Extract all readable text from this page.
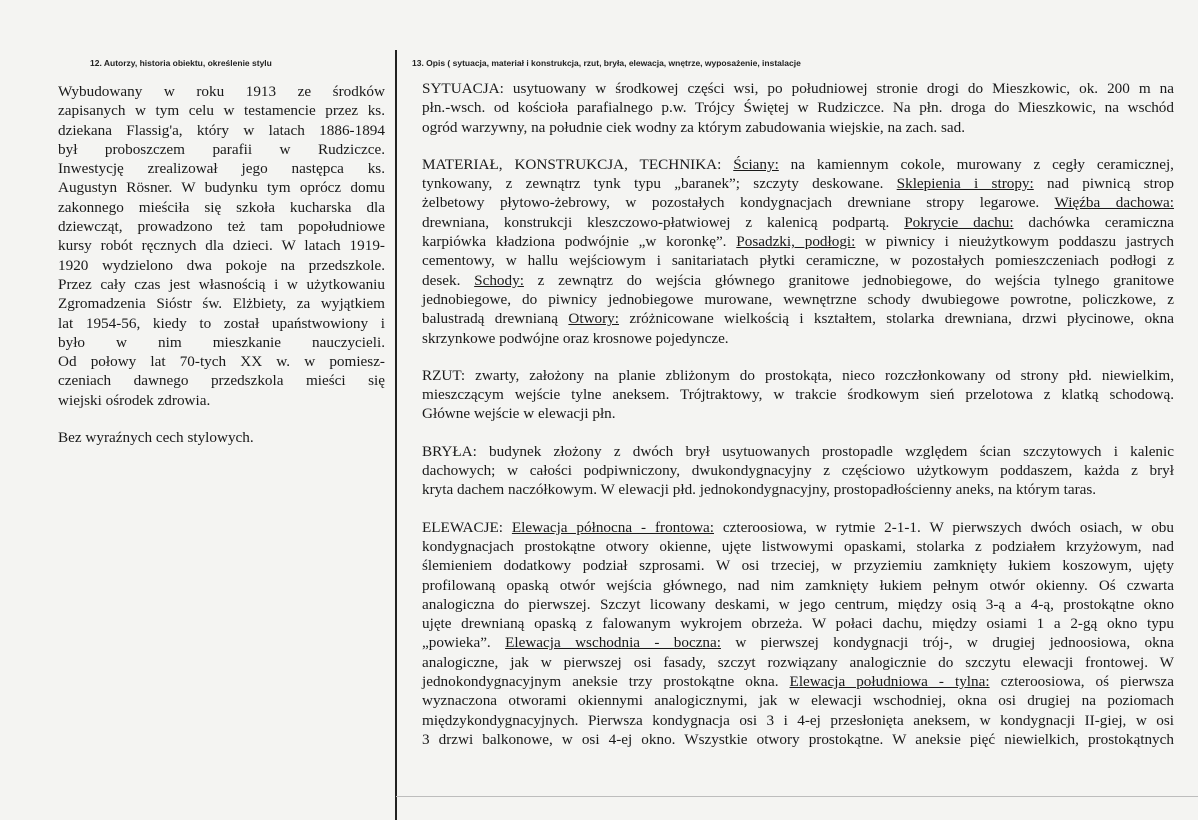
12. Autorzy, historia obiektu, określenie stylu	13. Opis ( sytuacja, materiał i konstrukcja, rzut, bryła, elewacja, wnętrze, wyposażenie, instalacje
Wybudowany w roku 1913 ze środków
zapisanych w tym celu w testamencie przez ks.
dziekana Flassig'a, który w latach 1886-1894
był proboszczem parafii w Rudziczce.
Inwestycję zrealizował jego następca ks.
Augustyn Rösner. W budynku tym oprócz domu
zakonnego mieściła się szkoła kucharska dla
dziewcząt, prowadzono też tam popołudniowe
kursy robót ręcznych dla dzieci. W latach 1919-
1920 wydzielono dwa pokoje na przedszkole.
Przez cały czas jest własnością i w użytkowaniu
Zgromadzenia Sióstr św. Elżbiety, za wyjątkiem
lat 1954-56, kiedy to został upaństwowiony i
było w nim mieszkanie nauczycieli.
Od połowy lat 70-tych XX w. w pomiesz-
czeniach dawnego przedszkola mieści się
wiejski ośrodek zdrowia.

Bez wyraźnych cech stylowych.

SYTUACJA: usytuowany w środkowej części wsi, po południowej stronie drogi do Mieszkowic, ok. 200 m na
płn.-wsch. od kościoła parafialnego p.w. Trójcy Świętej w Rudziczce. Na płn. droga do Mieszkowic, na wschód
ogród warzywny, na południe ciek wodny za którym zabudowania wiejskie, na zach. sad.
MATERIAŁ, KONSTRUKCJA, TECHNIKA: Ściany: na kamiennym cokole, murowany z cegły ceramicznej,
tynkowany, z zewnątrz tynk typu „baranek”; szczyty deskowane. Sklepienia i stropy: nad piwnicą strop
żelbetowy płytowo-żebrowy, w pozostałych kondygnacjach drewniane stropy legarowe. Więźba dachowa:
drewniana, konstrukcji kleszczowo-płatwiowej z kalenicą podpartą. Pokrycie dachu: dachówka ceramiczna
karpiówka kładziona podwójnie „w koronkę”. Posadzki, podłogi: w piwnicy i nieużytkowym poddaszu jastrych
cementowy, w hallu wejściowym i sanitariatach płytki ceramiczne, w pozostałych pomieszczeniach podłogi z
desek. Schody: z zewnątrz do wejścia głównego granitowe jednobiegowe, do wejścia tylnego granitowe
jednobiegowe, do piwnicy jednobiegowe murowane, wewnętrzne schody dwubiegowe powrotne, policzkowe, z
balustradą drewnianą Otwory: zróżnicowane wielkością i kształtem, stolarka drewniana, drzwi płycinowe, okna
skrzynkowe podwójne oraz krosnowe pojedyncze.
RZUT: zwarty, założony na planie zbliżonym do prostokąta, nieco rozczłonkowany od strony płd. niewielkim,
mieszczącym wejście tylne aneksem. Trójtraktowy, w trakcie środkowym sień przelotowa z klatką schodową.
Główne wejście w elewacji płn.
BRYŁA: budynek złożony z dwóch brył usytuowanych prostopadle względem ścian szczytowych i kalenic
dachowych; w całości podpiwniczony, dwukondygnacyjny z częściowo użytkowym poddaszem, każda z brył
kryta dachem naczółkowym. W elewacji płd. jednokondygnacyjny, prostopadłościenny aneks, na którym taras.
ELEWACJE: Elewacja północna - frontowa: czteroosiowa, w rytmie 2-1-1. W pierwszych dwóch osiach, w obu
kondygnacjach prostokątne otwory okienne, ujęte listwowymi opaskami, stolarka z podziałem krzyżowym, nad
ślemieniem dodatkowy podział szprosami. W osi trzeciej, w przyziemiu zamknięty łukiem koszowym, ujęty
profilowaną opaską otwór wejścia głównego, nad nim zamknięty łukiem pełnym otwór okienny. Oś czwarta
analogiczna do pierwszej. Szczyt licowany deskami, w jego centrum, między osią 3-ą a 4-ą, prostokątne okno
ujęte drewnianą opaską z falowanym wykrojem obrzeża. W połaci dachu, między osiami 1 a 2-gą okno typu
„powieka”. Elewacja wschodnia - boczna: w pierwszej kondygnacji trój-, w drugiej jednoosiowa, okna
analogiczne, jak w pierwszej osi fasady, szczyt rozwiązany analogicznie do szczytu elewacji frontowej. W
jednokondygnacyjnym aneksie trzy prostokątne okna. Elewacja południowa - tylna: czteroosiowa, oś pierwsza
wyznaczona otworami okiennymi analogicznymi, jak w elewacji wschodniej, okna osi drugiej na poziomach
międzykondygnacyjnych. Pierwsza kondygnacja osi 3 i 4-ej przesłonięta aneksem, w kondygnacji II-giej, w osi
3 drzwi balkonowe, w osi 4-ej okno. Wszystkie otwory prostokątne. W aneksie pięć niewielkich, prostokątnych
